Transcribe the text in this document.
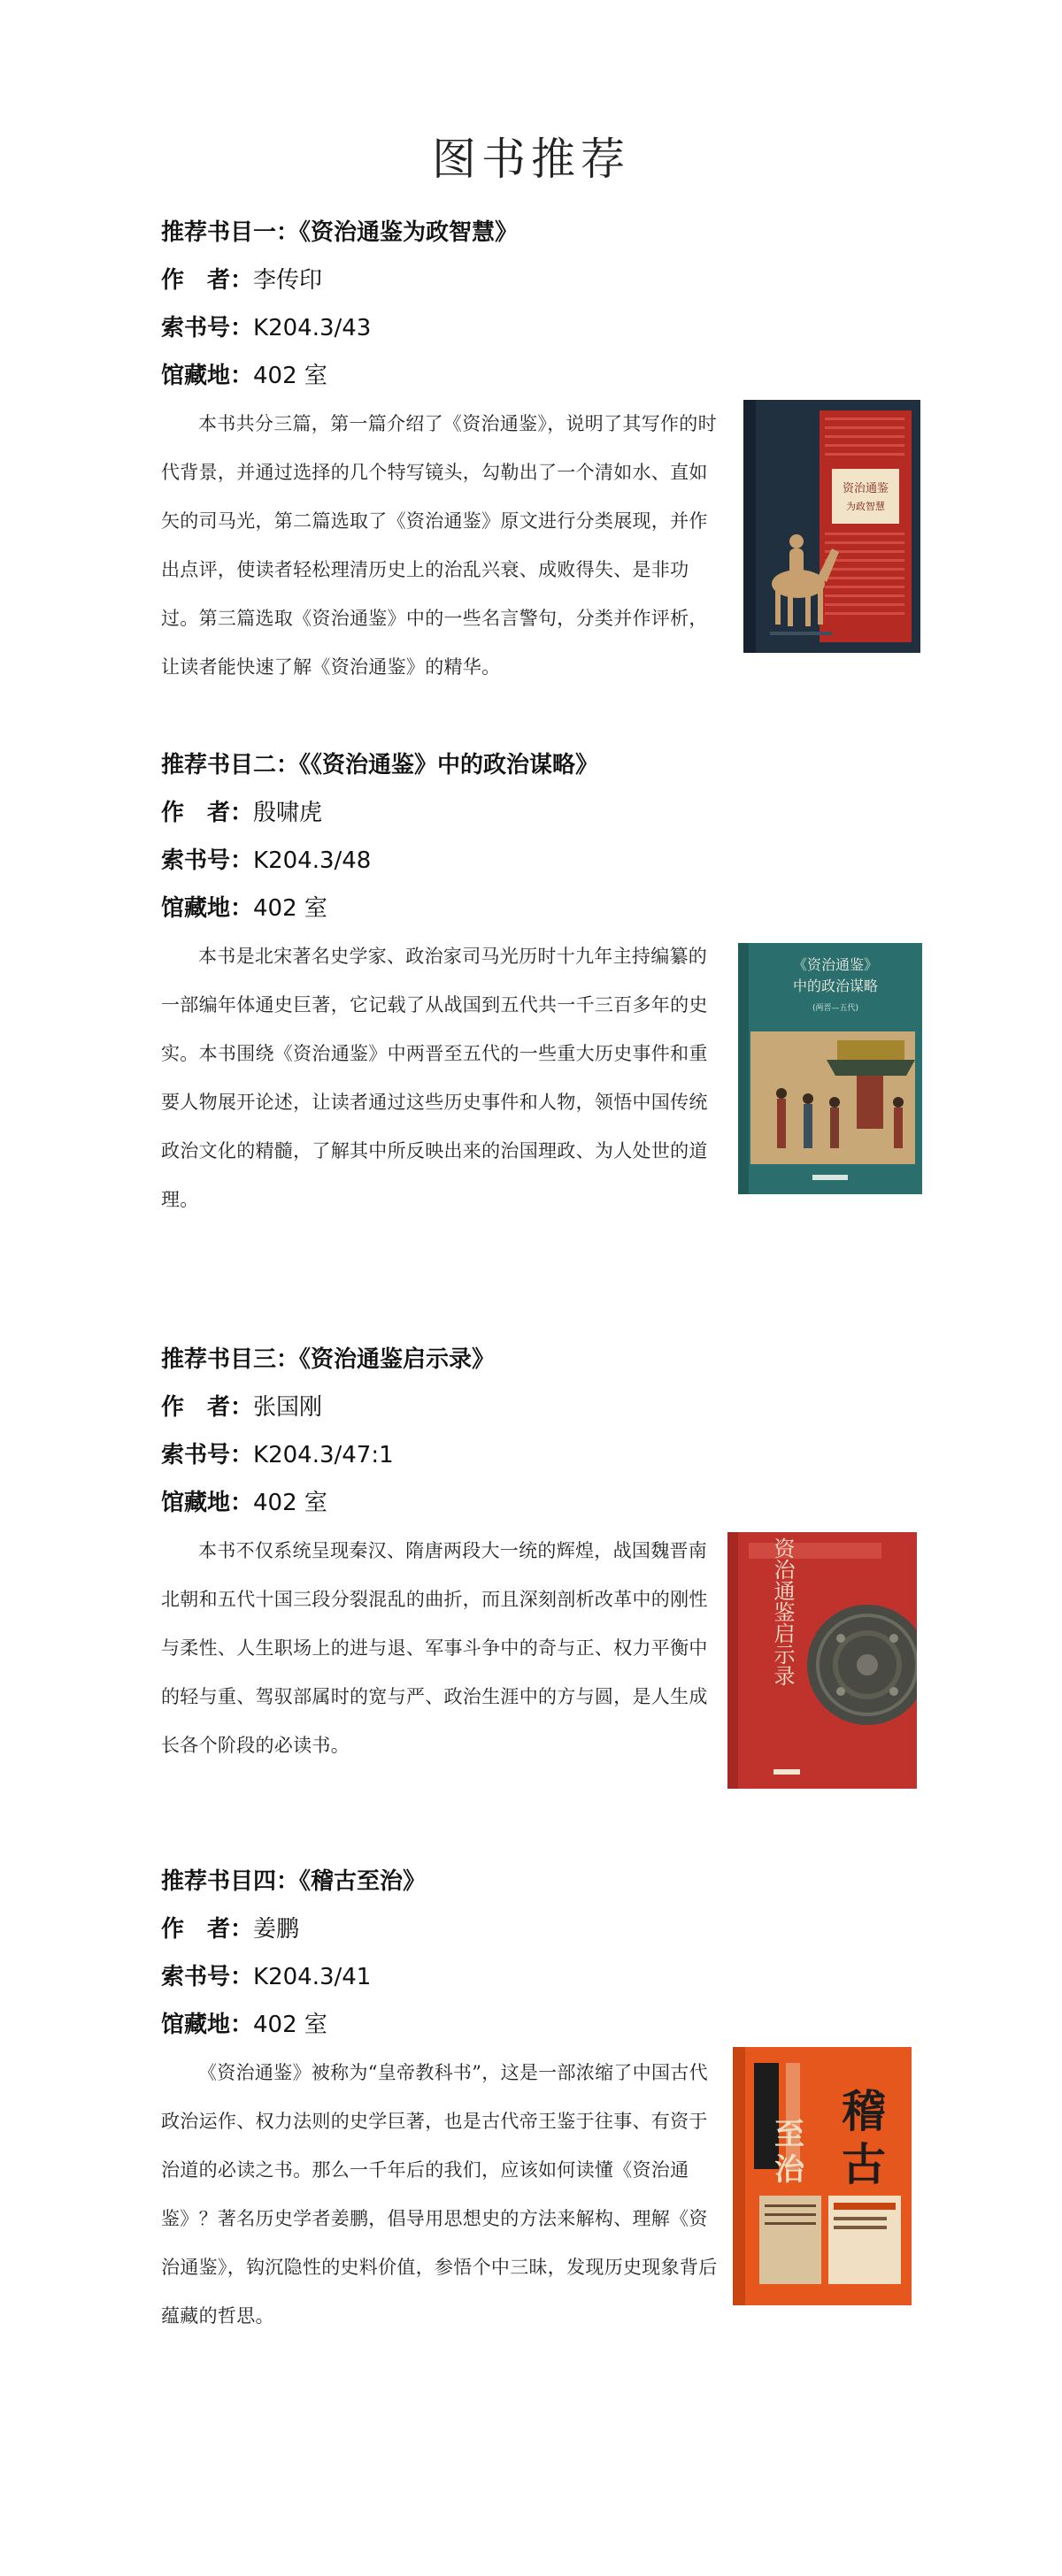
图书推荐
推荐书目一：《资治通鉴为政智慧》
作　者：李传印
索书号：K204.3/43
馆藏地：402 室

本书共分三篇，第一篇介绍了《资治通鉴》，说明了其写作的时代背景，并通过选择的几个特写镜头，勾勒出了一个清如水、直如矢的司马光，第二篇选取了《资治通鉴》原文进行分类展现，并作出点评，使读者轻松理清历史上的治乱兴衰、成败得失、是非功过。第三篇选取《资治通鉴》中的一些名言警句，分类并作评析，让读者能快速了解《资治通鉴》的精华。

资治通鉴
为政智慧
推荐书目二：《《资治通鉴》中的政治谋略》
作　者：殷啸虎
索书号：K204.3/48
馆藏地：402 室

本书是北宋著名史学家、政治家司马光历时十九年主持编纂的一部编年体通史巨著，它记载了从战国到五代共一千三百多年的史实。本书围绕《资治通鉴》中两晋至五代的一些重大历史事件和重要人物展开论述，让读者通过这些历史事件和人物，领悟中国传统政治文化的精髓，了解其中所反映出来的治国理政、为人处世的道理。

《资治通鉴》
中的政治谋略
(两晋—五代)
推荐书目三：《资治通鉴启示录》
作　者：张国刚
索书号：K204.3/47:1
馆藏地：402 室

本书不仅系统呈现秦汉、隋唐两段大一统的辉煌，战国魏晋南北朝和五代十国三段分裂混乱的曲折，而且深刻剖析改革中的刚性与柔性、人生职场上的进与退、军事斗争中的奇与正、权力平衡中的轻与重、驾驭部属时的宽与严、政治生涯中的方与圆，是人生成长各个阶段的必读书。

资治通鉴启示录
推荐书目四：《稽古至治》
作　者：姜鹏
索书号：K204.3/41
馆藏地：402 室

《资治通鉴》被称为“皇帝教科书”，这是一部浓缩了中国古代政治运作、权力法则的史学巨著，也是古代帝王鉴于往事、有资于治道的必读之书。那么一千年后的我们，应该如何读懂《资治通鉴》？著名历史学者姜鹏，倡导用思想史的方法来解构、理解《资治通鉴》，钩沉隐性的史料价值，参悟个中三昧，发现历史现象背后蕴藏的哲思。

稽
古
至
治
